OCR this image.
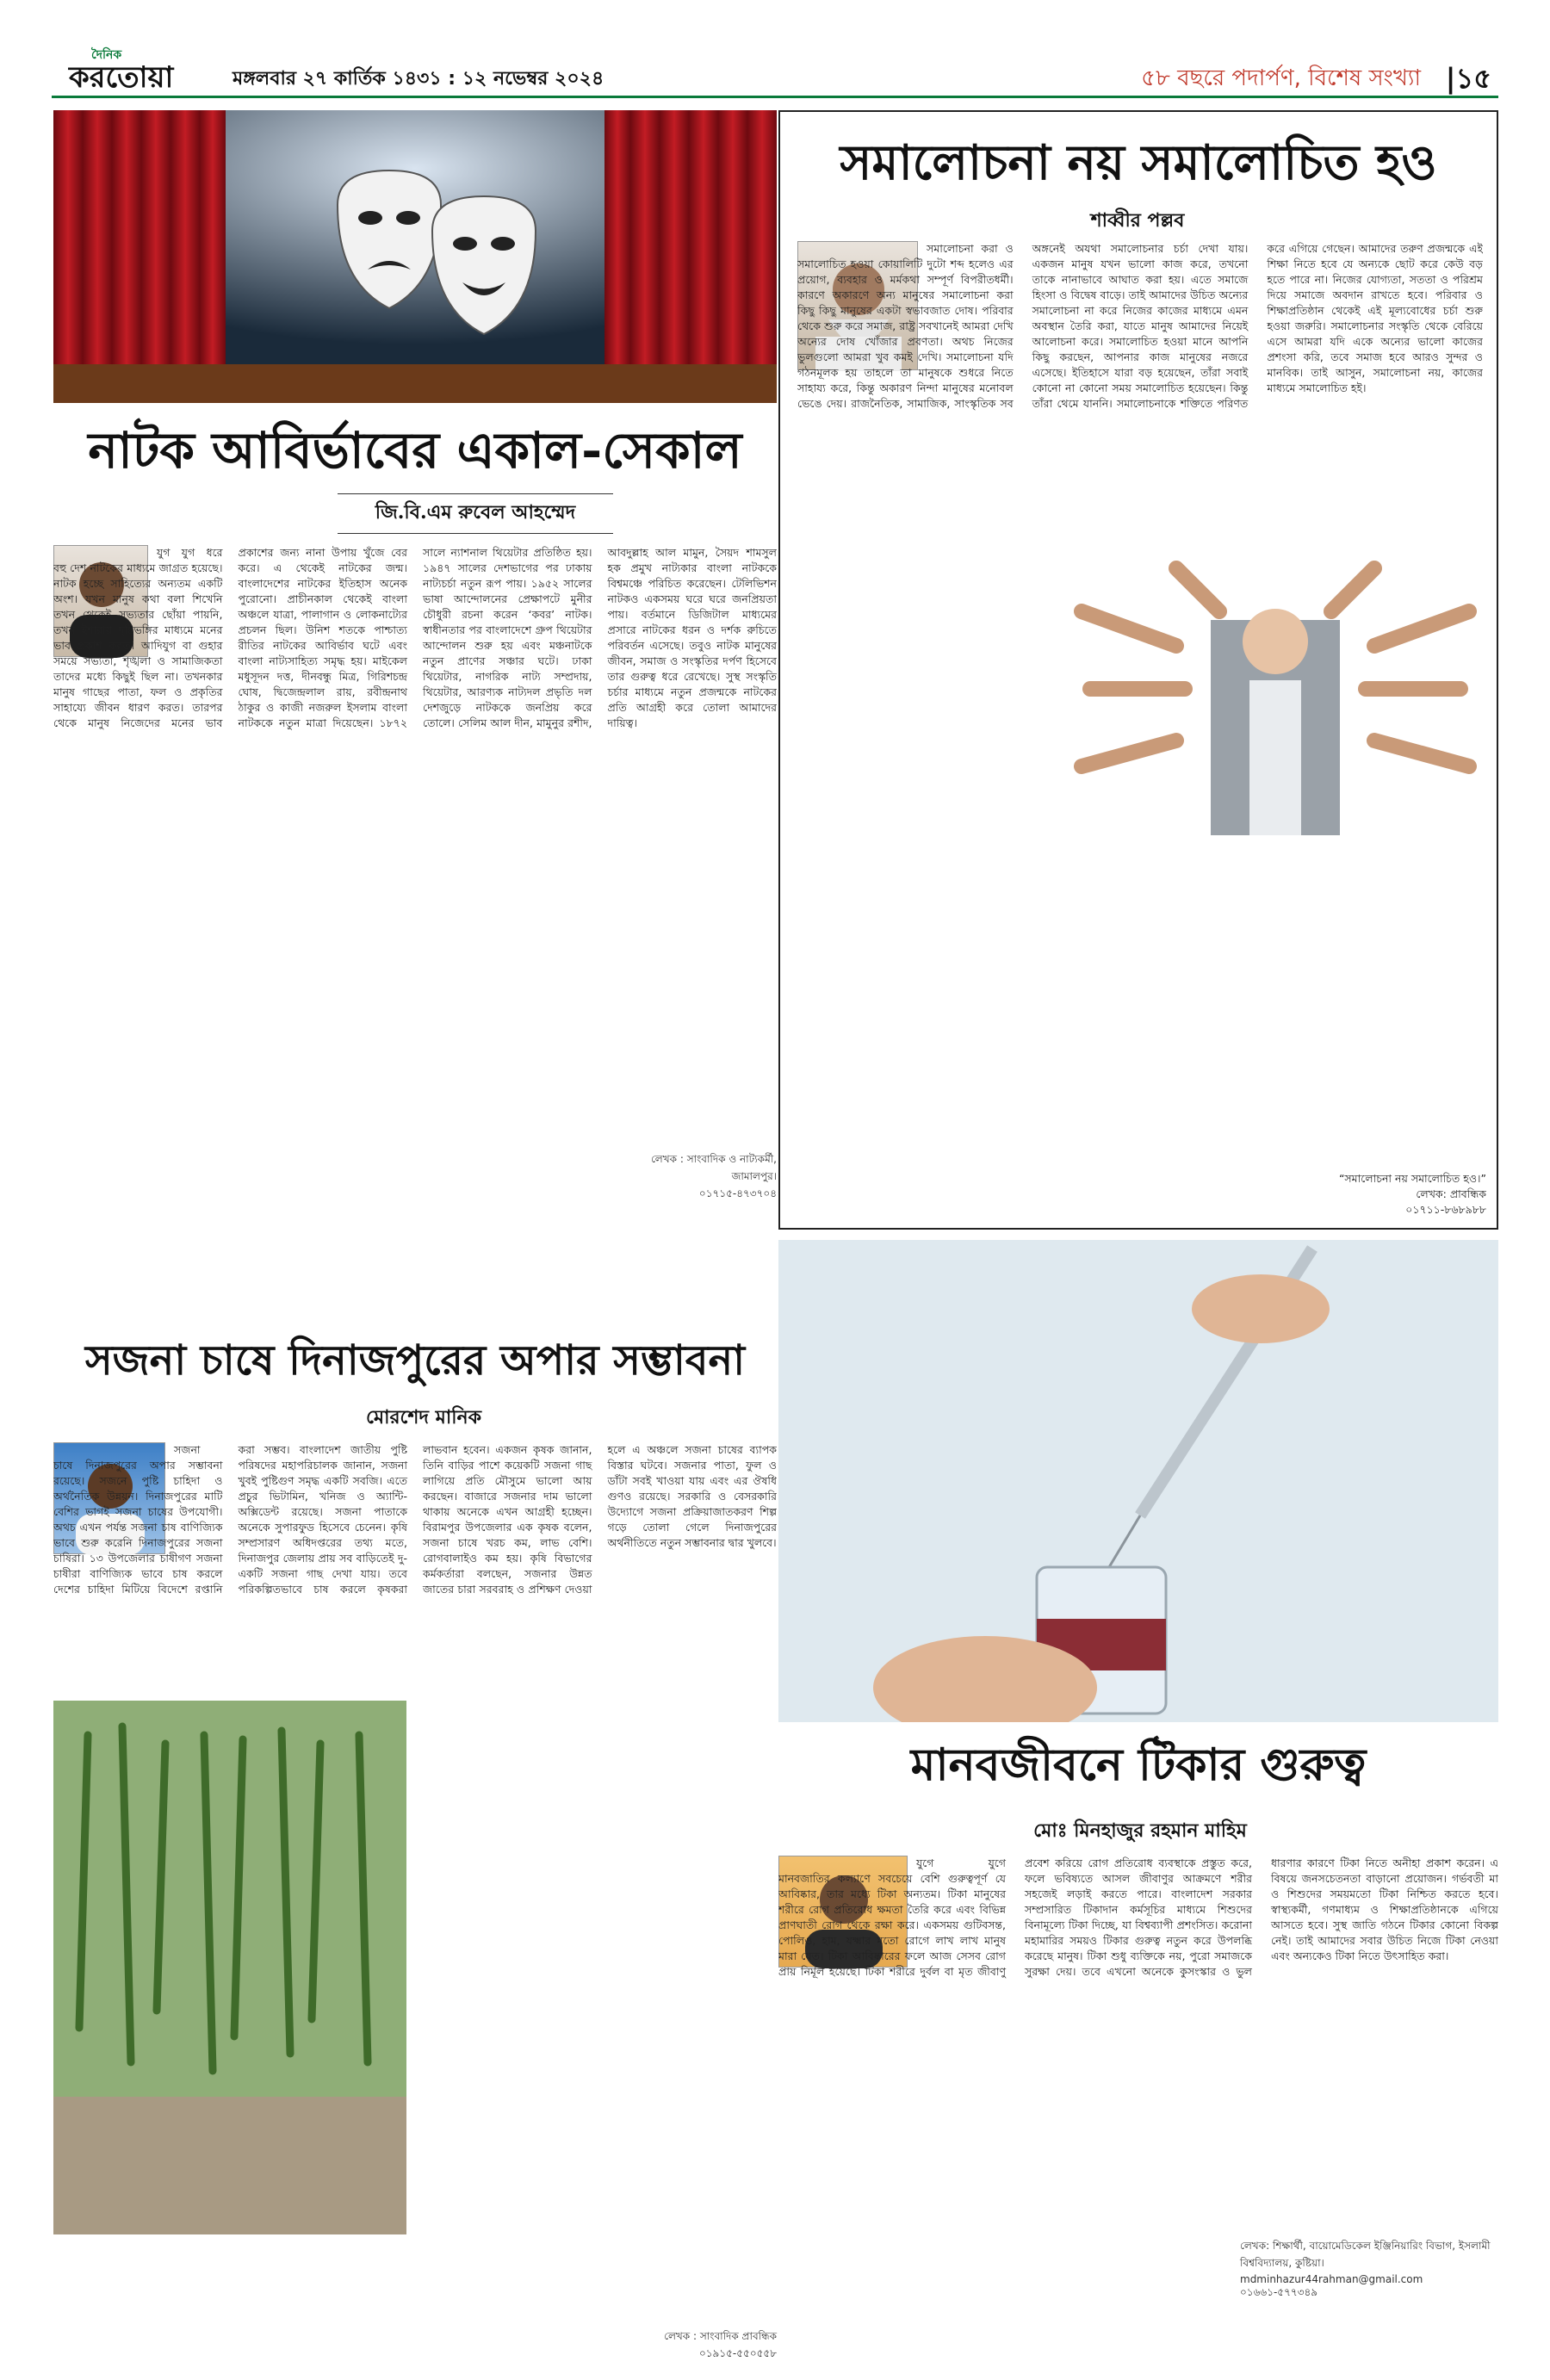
দৈনিক
করতোয়া	মঙ্গলবার ২৭ কার্তিক ১৪৩১ : ১২ নভেম্বর ২০২৪	৫৮ বছরে পদার্পণ, বিশেষ সংখ্যা |১৫
নাটক আবির্ভাবের একাল-সেকাল
জি.বি.এম রুবেল আহম্মেদ
যুগ যুগ ধরে বহু দেশ নাটকের মাধ্যমে জাগ্রত হয়েছে। নাটক হচ্ছে সাহিত্যের অন্যতম একটি অংশ। যখন মানুষ কথা বলা শিখেনি তখন থেকেই সভ্যতার ছোঁয়া পায়নি, তখন ইশারায় দৃষ্টিভঙ্গির মাধ্যমে মনের ভাব প্রকাশ করত। আদিযুগ বা গুহার সময়ে সভ্যতা, শৃঙ্খলা ও সামাজিকতা তাদের মধ্যে কিছুই ছিল না। তখনকার মানুষ গাছের পাতা, ফল ও প্রকৃতির সাহায্যে জীবন ধারণ করত। তারপর থেকে মানুষ নিজেদের মনের ভাব প্রকাশের জন্য নানা উপায় খুঁজে বের করে। এ থেকেই নাটকের জন্ম। বাংলাদেশের নাটকের ইতিহাস অনেক পুরোনো। প্রাচীনকাল থেকেই বাংলা অঞ্চলে যাত্রা, পালাগান ও লোকনাট্যের প্রচলন ছিল। উনিশ শতকে পাশ্চাত্য রীতির নাটকের আবির্ভাব ঘটে এবং বাংলা নাট্যসাহিত্য সমৃদ্ধ হয়। মাইকেল মধুসূদন দত্ত, দীনবন্ধু মিত্র, গিরিশচন্দ্র ঘোষ, দ্বিজেন্দ্রলাল রায়, রবীন্দ্রনাথ ঠাকুর ও কাজী নজরুল ইসলাম বাংলা নাটককে নতুন মাত্রা দিয়েছেন। ১৮৭২ সালে ন্যাশনাল থিয়েটার প্রতিষ্ঠিত হয়। ১৯৪৭ সালের দেশভাগের পর ঢাকায় নাট্যচর্চা নতুন রূপ পায়। ১৯৫২ সালের ভাষা আন্দোলনের প্রেক্ষাপটে মুনীর চৌধুরী রচনা করেন ‘কবর’ নাটক। স্বাধীনতার পর বাংলাদেশে গ্রুপ থিয়েটার আন্দোলন শুরু হয় এবং মঞ্চনাটকে নতুন প্রাণের সঞ্চার ঘটে। ঢাকা থিয়েটার, নাগরিক নাট্য সম্প্রদায়, থিয়েটার, আরণ্যক নাট্যদল প্রভৃতি দল দেশজুড়ে নাটককে জনপ্রিয় করে তোলে। সেলিম আল দীন, মামুনুর রশীদ, আবদুল্লাহ আল মামুন, সৈয়দ শামসুল হক প্রমুখ নাট্যকার বাংলা নাটককে বিশ্বমঞ্চে পরিচিত করেছেন। টেলিভিশন নাটকও একসময় ঘরে ঘরে জনপ্রিয়তা পায়। বর্তমানে ডিজিটাল মাধ্যমের প্রসারে নাটকের ধরন ও দর্শক রুচিতে পরিবর্তন এসেছে। তবুও নাটক মানুষের জীবন, সমাজ ও সংস্কৃতির দর্পণ হিসেবে তার গুরুত্ব ধরে রেখেছে। সুস্থ সংস্কৃতি চর্চার মাধ্যমে নতুন প্রজন্মকে নাটকের প্রতি আগ্রহী করে তোলা আমাদের দায়িত্ব।
লেখক : সাংবাদিক ও নাট্যকর্মী, জামালপুর।
০১৭১৫-৪৭৩৭০৪
সমালোচনা নয় সমালোচিত হও
শাব্বীর পল্লব
সমালোচনা করা ও সমালোচিত হওয়া কোয়ালিটি দুটো শব্দ হলেও এর প্রয়োগ, ব্যবহার ও মর্মকথা সম্পূর্ণ বিপরীতধর্মী। কারণে অকারণে অন্য মানুষের সমালোচনা করা কিছু কিছু মানুষের একটা স্বভাবজাত দোষ। পরিবার থেকে শুরু করে সমাজ, রাষ্ট্র সবখানেই আমরা দেখি অন্যের দোষ খোঁজার প্রবণতা। অথচ নিজের ভুলগুলো আমরা খুব কমই দেখি। সমালোচনা যদি গঠনমূলক হয় তাহলে তা মানুষকে শুধরে নিতে সাহায্য করে, কিন্তু অকারণ নিন্দা মানুষের মনোবল ভেঙে দেয়। রাজনৈতিক, সামাজিক, সাংস্কৃতিক সব অঙ্গনেই অযথা সমালোচনার চর্চা দেখা যায়। একজন মানুষ যখন ভালো কাজ করে, তখনো তাকে নানাভাবে আঘাত করা হয়। এতে সমাজে হিংসা ও বিদ্বেষ বাড়ে। তাই আমাদের উচিত অন্যের সমালোচনা না করে নিজের কাজের মাধ্যমে এমন অবস্থান তৈরি করা, যাতে মানুষ আমাদের নিয়েই আলোচনা করে। সমালোচিত হওয়া মানে আপনি কিছু করছেন, আপনার কাজ মানুষের নজরে এসেছে। ইতিহাসে যারা বড় হয়েছেন, তাঁরা সবাই কোনো না কোনো সময় সমালোচিত হয়েছেন। কিন্তু তাঁরা থেমে যাননি। সমালোচনাকে শক্তিতে পরিণত করে এগিয়ে গেছেন। আমাদের তরুণ প্রজন্মকে এই শিক্ষা নিতে হবে যে অন্যকে ছোট করে কেউ বড় হতে পারে না। নিজের যোগ্যতা, সততা ও পরিশ্রম দিয়ে সমাজে অবদান রাখতে হবে। পরিবার ও শিক্ষাপ্রতিষ্ঠান থেকেই এই মূল্যবোধের চর্চা শুরু হওয়া জরুরি। সমালোচনার সংস্কৃতি থেকে বেরিয়ে এসে আমরা যদি একে অন্যের ভালো কাজের প্রশংসা করি, তবে সমাজ হবে আরও সুন্দর ও মানবিক। তাই আসুন, সমালোচনা নয়, কাজের মাধ্যমে সমালোচিত হই।
“সমালোচনা নয় সমালোচিত হও।”
লেখক: প্রাবন্ধিক
০১৭১১-৮৬৮৯৮৮
সজনা চাষে দিনাজপুরের অপার সম্ভাবনা
মোরশেদ মানিক
সজনা চাষে দিনাজপুরের অপার সম্ভাবনা রয়েছে। সজনে পুষ্টি চাহিদা ও অর্থনৈতিক উন্নয়ন। দিনাজপুরের মাটি বেশির ভাগই সজনা চাষের উপযোগী। অথচ এখন পর্যন্ত সজনা চাষ বাণিজ্যিক ভাবে শুরু করেনি দিনাজপুরের সজনা চাষিরা। ১৩ উপজেলার চাষীগণ সজনা চাষীরা বাণিজ্যিক ভাবে চাষ করলে দেশের চাহিদা মিটিয়ে বিদেশে রপ্তানি করা সম্ভব। বাংলাদেশ জাতীয় পুষ্টি পরিষদের মহাপরিচালক জানান, সজনা খুবই পুষ্টিগুণ সমৃদ্ধ একটি সবজি। এতে প্রচুর ভিটামিন, খনিজ ও অ্যান্টি-অক্সিডেন্ট রয়েছে। সজনা পাতাকে অনেকে সুপারফুড হিসেবে চেনেন। কৃষি সম্প্রসারণ অধিদপ্তরের তথ্য মতে, দিনাজপুর জেলায় প্রায় সব বাড়িতেই দু-একটি সজনা গাছ দেখা যায়। তবে পরিকল্পিতভাবে চাষ করলে কৃষকরা লাভবান হবেন। একজন কৃষক জানান, তিনি বাড়ির পাশে কয়েকটি সজনা গাছ লাগিয়ে প্রতি মৌসুমে ভালো আয় করছেন। বাজারে সজনার দাম ভালো থাকায় অনেকে এখন আগ্রহী হচ্ছেন। বিরামপুর উপজেলার এক কৃষক বলেন, সজনা চাষে খরচ কম, লাভ বেশি। রোগবালাইও কম হয়। কৃষি বিভাগের কর্মকর্তারা বলছেন, সজনার উন্নত জাতের চারা সরবরাহ ও প্রশিক্ষণ দেওয়া হলে এ অঞ্চলে সজনা চাষের ব্যাপক বিস্তার ঘটবে। সজনার পাতা, ফুল ও ডাঁটা সবই খাওয়া যায় এবং এর ঔষধি গুণও রয়েছে। সরকারি ও বেসরকারি উদ্যোগে সজনা প্রক্রিয়াজাতকরণ শিল্প গড়ে তোলা গেলে দিনাজপুরের অর্থনীতিতে নতুন সম্ভাবনার দ্বার খুলবে।
লেখক : সাংবাদিক প্রাবন্ধিক
০১৯১৫-৫৫০৫৫৮
মানবজীবনে টিকার গুরুত্ব
মোঃ মিনহাজুর রহমান মাহিম
যুগে যুগে মানবজাতির কল্যাণে সবচেয়ে বেশি গুরুত্বপূর্ণ যে আবিষ্কার, তার মধ্যে টিকা অন্যতম। টিকা মানুষের শরীরে রোগ প্রতিরোধ ক্ষমতা তৈরি করে এবং বিভিন্ন প্রাণঘাতী রোগ থেকে রক্ষা করে। একসময় গুটিবসন্ত, পোলিও, হাম, যক্ষ্মার মতো রোগে লাখ লাখ মানুষ মারা যেত। টিকা আবিষ্কারের ফলে আজ সেসব রোগ প্রায় নির্মূল হয়েছে। টিকা শরীরে দুর্বল বা মৃত জীবাণু প্রবেশ করিয়ে রোগ প্রতিরোধ ব্যবস্থাকে প্রস্তুত করে, ফলে ভবিষ্যতে আসল জীবাণুর আক্রমণে শরীর সহজেই লড়াই করতে পারে। বাংলাদেশ সরকার সম্প্রসারিত টিকাদান কর্মসূচির মাধ্যমে শিশুদের বিনামূল্যে টিকা দিচ্ছে, যা বিশ্বব্যাপী প্রশংসিত। করোনা মহামারির সময়ও টিকার গুরুত্ব নতুন করে উপলব্ধি করেছে মানুষ। টিকা শুধু ব্যক্তিকে নয়, পুরো সমাজকে সুরক্ষা দেয়। তবে এখনো অনেকে কুসংস্কার ও ভুল ধারণার কারণে টিকা নিতে অনীহা প্রকাশ করেন। এ বিষয়ে জনসচেতনতা বাড়ানো প্রয়োজন। গর্ভবতী মা ও শিশুদের সময়মতো টিকা নিশ্চিত করতে হবে। স্বাস্থ্যকর্মী, গণমাধ্যম ও শিক্ষাপ্রতিষ্ঠানকে এগিয়ে আসতে হবে। সুস্থ জাতি গঠনে টিকার কোনো বিকল্প নেই। তাই আমাদের সবার উচিত নিজে টিকা নেওয়া এবং অন্যকেও টিকা নিতে উৎসাহিত করা।
লেখক: শিক্ষার্থী, বায়োমেডিকেল ইঞ্জিনিয়ারিং বিভাগ, ইসলামী বিশ্ববিদ্যালয়, কুষ্টিয়া।
mdminhazur44rahman@gmail.com
০১৬৬১-৫৭৭৩৪৯
